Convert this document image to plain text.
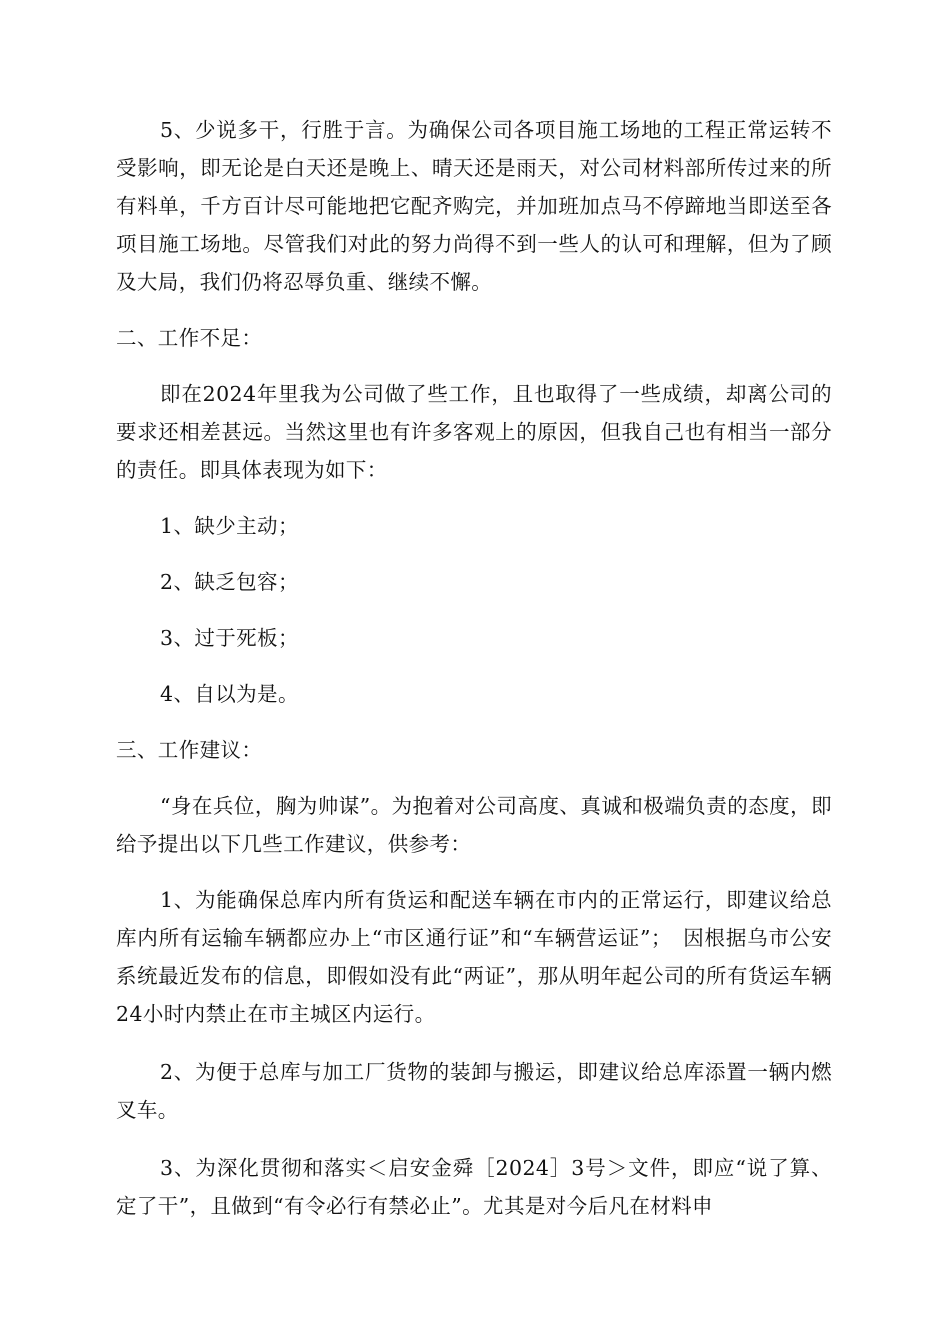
5、少说多干，行胜于言。为确保公司各项目施工场地的工程正常运转不受影响，即无论是白天还是晚上、晴天还是雨天，对公司材料部所传过来的所有料单，千方百计尽可能地把它配齐购完，并加班加点马不停蹄地当即送至各项目施工场地。尽管我们对此的努力尚得不到一些人的认可和理解，但为了顾及大局，我们仍将忍辱负重、继续不懈。

二、工作不足：

即在2024年里我为公司做了些工作，且也取得了一些成绩，却离公司的要求还相差甚远。当然这里也有许多客观上的原因，但我自己也有相当一部分的责任。即具体表现为如下：

1、缺少主动；

2、缺乏包容；

3、过于死板；

4、自以为是。

三、工作建议：

“身在兵位，胸为帅谋”。为抱着对公司高度、真诚和极端负责的态度，即给予提出以下几些工作建议，供参考：

1、为能确保总库内所有货运和配送车辆在市内的正常运行，即建议给总库内所有运输车辆都应办上“市区通行证”和“车辆营运证”；　因根据乌市公安系统最近发布的信息，即假如没有此“两证”，那从明年起公司的所有货运车辆24小时内禁止在市主城区内运行。

2、为便于总库与加工厂货物的装卸与搬运，即建议给总库添置一辆内燃叉车。

3、为深化贯彻和落实＜启安金舜［2024］3号＞文件，即应“说了算、定了干”，且做到“有令必行有禁必止”。尤其是对今后凡在材料申
